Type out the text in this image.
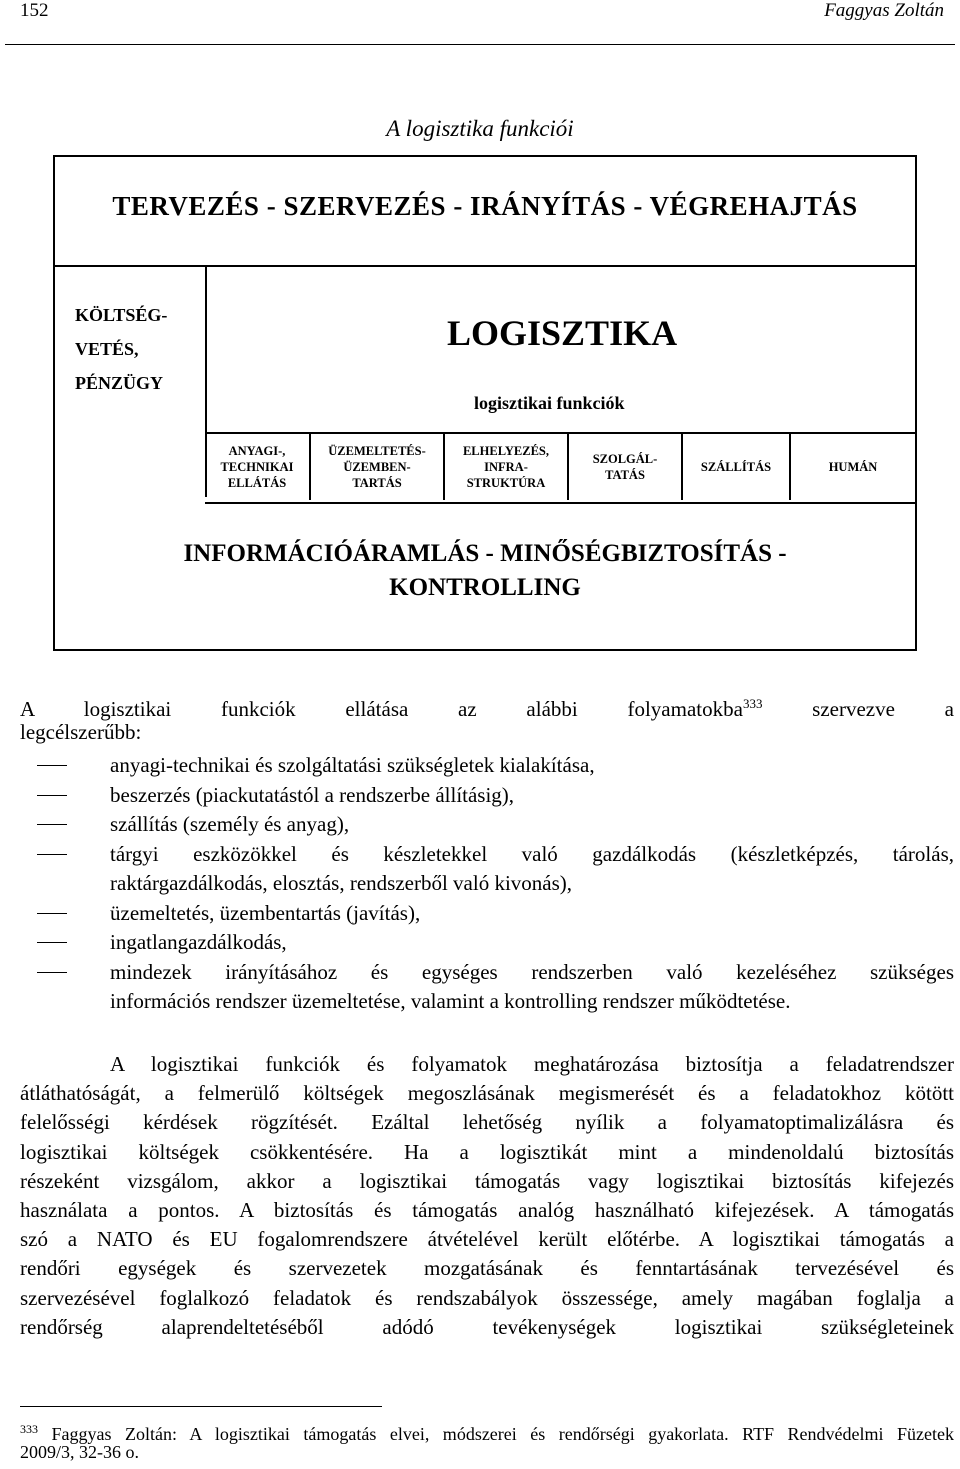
152	Faggyas Zoltán
A logisztika funkciói
TERVEZÉS - SZERVEZÉS - IRÁNYÍTÁS - VÉGREHAJTÁS
KÖLTSÉG-
VETÉS,
PÉNZÜGY
LOGISZTIKA
logisztikai funkciók
ANYAGI-,
TECHNIKAI
ELLÁTÁS
ÜZEMELTETÉS-
ÜZEMBEN-
TARTÁS
ELHELYEZÉS,
INFRA-
STRUKTÚRA
SZOLGÁL-
TATÁS
SZÁLLÍTÁS	HUMÁN
INFORMÁCIÓÁRAMLÁS - MINŐSÉGBIZTOSÍTÁS -
KONTROLLING
A logisztikai funkciók ellátása az alábbi folyamatokba$^{333}$ szervezve a
legcélszerűbb:
anyagi-technikai és szolgáltatási szükségletek kialakítása,
beszerzés (piackutatástól a rendszerbe állításig),
szállítás (személy és anyag),
tárgyi eszközökkel és készletekkel való gazdálkodás (készletképzés, tárolás,
raktárgazdálkodás, elosztás, rendszerből való kivonás),
üzemeltetés, üzembentartás (javítás),
ingatlangazdálkodás,
mindezek irányításához és egységes rendszerben való kezeléséhez szükséges
információs rendszer üzemeltetése, valamint a kontrolling rendszer működtetése.
A logisztikai funkciók és folyamatok meghatározása biztosítja a feladatrendszer
átláthatóságát, a felmerülő költségek megoszlásának megismerését és a feladatokhoz kötött
felelősségi kérdések rögzítését. Ezáltal lehetőség nyílik a folyamatoptimalizálásra és
logisztikai költségek csökkentésére. Ha a logisztikát mint a mindenoldalú biztosítás
részeként vizsgálom, akkor a logisztikai támogatás vagy logisztikai biztosítás kifejezés
használata a pontos. A biztosítás és támogatás analóg használható kifejezések. A támogatás
szó a NATO és EU fogalomrendszere átvételével került előtérbe. A logisztikai támogatás a
rendőri egységek és szervezetek mozgatásának és fenntartásának tervezésével és
szervezésével foglalkozó feladatok és rendszabályok összessége, amely magában foglalja a
rendőrség alaprendeltetéséből adódó tevékenységek logisztikai szükségleteinek
$^{333}$ Faggyas Zoltán: A logisztikai támogatás elvei, módszerei és rendőrségi gyakorlata. RTF Rendvédelmi Füzetek
2009/3, 32-36 o.
